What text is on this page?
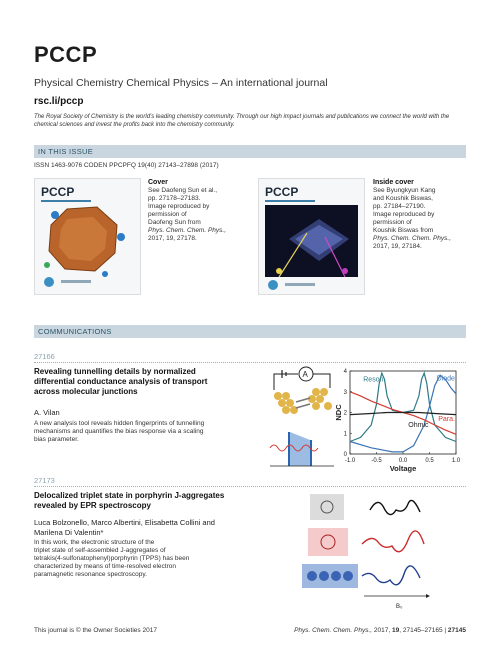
PCCP
Physical Chemistry Chemical Physics – An international journal
rsc.li/pccp
The Royal Society of Chemistry is the world's leading chemistry community. Through our high impact journals and publications we connect the world with the chemical sciences and invest the profits back into the chemistry community.
IN THIS ISSUE
ISSN 1463-9076 CODEN PPCPFQ 19(40) 27143–27898 (2017)
PCCP
Cover
See Daofeng Sun et al.,
pp. 27178–27183.
Image reproduced by
permission of
Daofeng Sun from
Phys. Chem. Chem. Phys.,
2017, 19, 27178.
PCCP
Inside cover
See Byungkyun Kang
and Koushik Biswas,
pp. 27184–27190.
Image reproduced by
permission of
Koushik Biswas from
Phys. Chem. Chem. Phys.,
2017, 19, 27184.
COMMUNICATIONS
27166
Revealing tunnelling details by normalized
differential conductance analysis of transport
across molecular junctions
A. Vilan
A new analysis tool reveals hidden fingerprints of tunnelling
mechanisms and quantifies the bias response via a scaling
bias parameter.
A
-1.0	-0.5	0.0	0.5	1.0
0
1
2
3
4
Voltage
NDC
Reson.	Diode
Para.
Ohmic
27173
Delocalized triplet state in porphyrin J-aggregates
revealed by EPR spectroscopy
Luca Bolzonello, Marco Albertini, Elisabetta Collini and
Marilena Di Valentin*
In this work, the electronic structure of the
triplet state of self-assembled J-aggregates of
tetrakis(4-sulfonatophenyl)porphyrin (TPPS) has been
characterized by means of time-resolved electron
paramagnetic resonance spectroscopy.
B₀
This journal is © the Owner Societies 2017	Phys. Chem. Chem. Phys., 2017, 19, 27145–27165 | 27145
